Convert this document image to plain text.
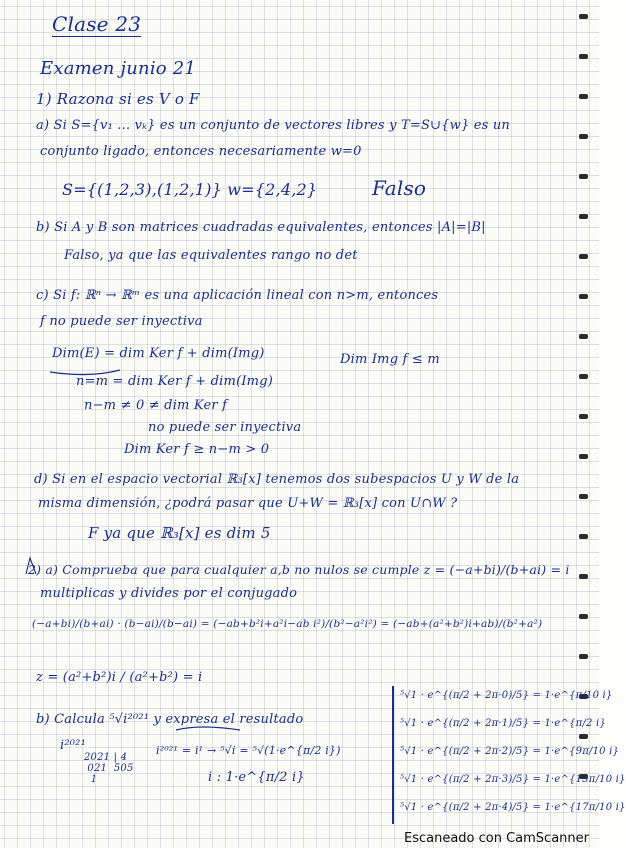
Clase 23
Examen junio 21
1) Razona si es V o F
a) Si S={v₁ ... vₖ} es un conjunto de vectores libres y T=S∪{w} es un
conjunto ligado, entonces necesariamente w=0
S={(1,2,3),(1,2,1)} w={2,4,2}	Falso
b) Si A y B son matrices cuadradas equivalentes, entonces |A|=|B|
Falso, ya que las equivalentes rango no det
c) Si f: ℝⁿ → ℝᵐ es una aplicación lineal con n>m, entonces
f no puede ser inyectiva
Dim(E) = dim Ker f + dim(Img)	Dim Img f ≤ m
n=m = dim Ker f + dim(Img)
n−m ≠ 0 ≠ dim Ker f
no puede ser inyectiva
Dim Ker f ≥ n−m > 0
d) Si en el espacio vectorial ℝ₃[x] tenemos dos subespacios U y W de la
misma dimensión, ¿podrá pasar que U+W = ℝ₃[x] con U∩W ?
F ya que ℝ₃[x] es dim 5
2) a) Comprueba que para cualquier a,b no nulos se cumple z = (−a+bi)/(b+ai) = i
multiplicas y divides por el conjugado
(−a+bi)/(b+ai) · (b−ai)/(b−ai) = (−ab+b²i+a²i−ab i²)/(b²−a²i²) = (−ab+(a²+b²)i+ab)/(b²+a²)
z = (a²+b²)i / (a²+b²) = i
b) Calcula ⁵√i²⁰²¹ y expresa el resultado
i²⁰²¹
2021 | 4
021  505
1
i²⁰²¹ = i¹ → ⁵√i = ⁵√(1·e^{π/2 i})
i : 1·e^{π/2 i}
⁵√1 · e^{(π/2 + 2π·0)/5} = 1·e^{π/10 i}
⁵√1 · e^{(π/2 + 2π·1)/5} = 1·e^{π/2 i}
⁵√1 · e^{(π/2 + 2π·2)/5} = 1·e^{9π/10 i}
⁵√1 · e^{(π/2 + 2π·3)/5} = 1·e^{13π/10 i}
⁵√1 · e^{(π/2 + 2π·4)/5} = 1·e^{17π/10 i}
Escaneado con CamScanner
